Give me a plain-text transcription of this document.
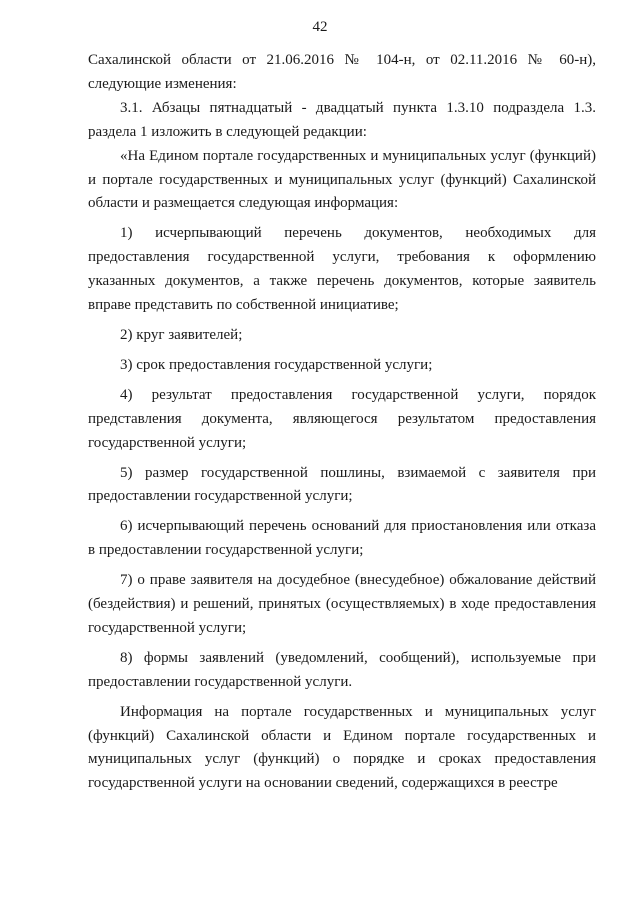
42

Сахалинской области от 21.06.2016 № 104-н, от 02.11.2016 № 60-н), следующие изменения:

3.1. Абзацы пятнадцатый - двадцатый пункта 1.3.10 подраздела 1.3. раздела 1 изложить в следующей редакции:

«На Едином портале государственных и муниципальных услуг (функций) и портале государственных и муниципальных услуг (функций) Сахалинской области и размещается следующая информация:

1) исчерпывающий перечень документов, необходимых для предоставления государственной услуги, требования к оформлению указанных документов, а также перечень документов, которые заявитель вправе представить по собственной инициативе;

2) круг заявителей;

3) срок предоставления государственной услуги;

4) результат предоставления государственной услуги, порядок представления документа, являющегося результатом предоставления государственной услуги;

5) размер государственной пошлины, взимаемой с заявителя при предоставлении государственной услуги;

6) исчерпывающий перечень оснований для приостановления или отказа в предоставлении государственной услуги;

7) о праве заявителя на досудебное (внесудебное) обжалование действий (бездействия) и решений, принятых (осуществляемых) в ходе предоставления государственной услуги;

8) формы заявлений (уведомлений, сообщений), используемые при предоставлении государственной услуги.

Информация на портале государственных и муниципальных услуг (функций) Сахалинской области и Едином портале государственных и муниципальных услуг (функций) о порядке и сроках предоставления государственной услуги на основании сведений, содержащихся в реестре
